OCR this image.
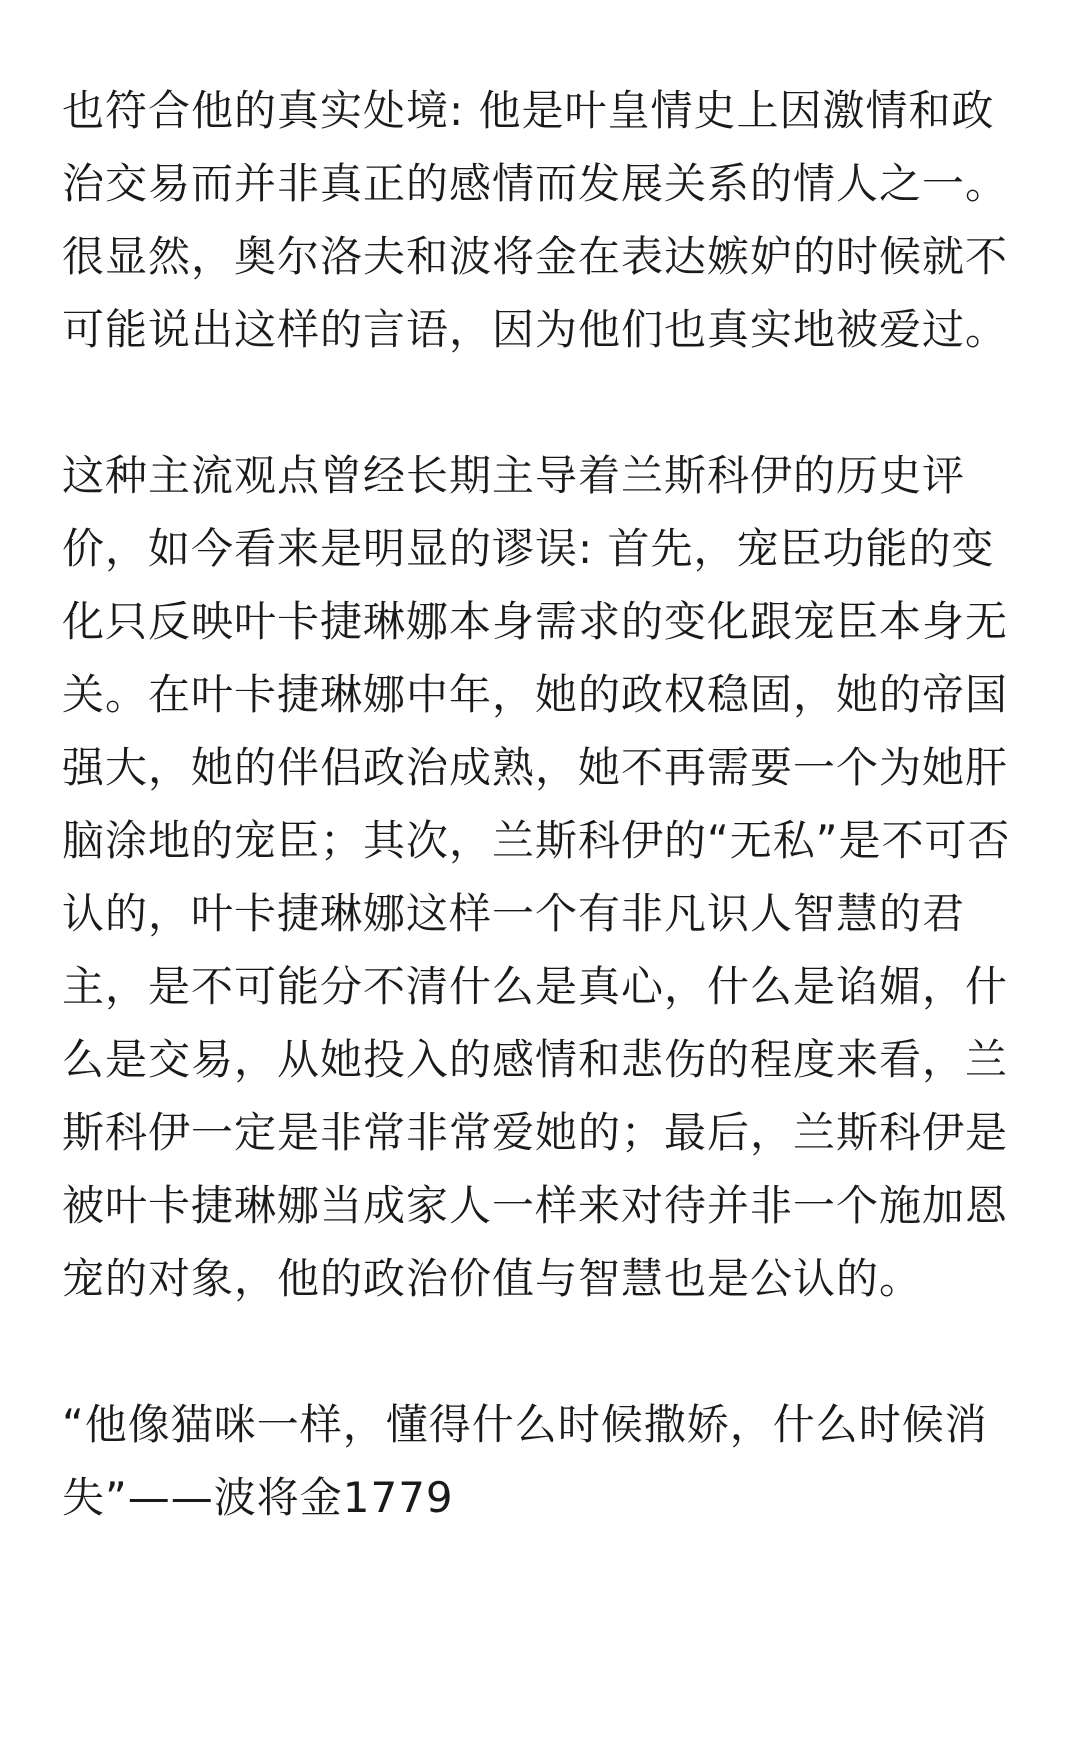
也符合他的真实处境: 他是叶皇情史上因激情和政
治交易而并非真正的感情而发展关系的情人之一。
很显然，奥尔洛夫和波将金在表达嫉妒的时候就不
可能说出这样的言语，因为他们也真实地被爱过。
这种主流观点曾经长期主导着兰斯科伊的历史评
价，如今看来是明显的谬误: 首先，宠臣功能的变
化只反映叶卡捷琳娜本身需求的变化跟宠臣本身无
关。在叶卡捷琳娜中年，她的政权稳固，她的帝国
强大，她的伴侣政治成熟，她不再需要一个为她肝
脑涂地的宠臣；其次，兰斯科伊的“无私”是不可否
认的，叶卡捷琳娜这样一个有非凡识人智慧的君
主，是不可能分不清什么是真心，什么是谄媚，什
么是交易，从她投入的感情和悲伤的程度来看，兰
斯科伊一定是非常非常爱她的；最后，兰斯科伊是
被叶卡捷琳娜当成家人一样来对待并非一个施加恩
宠的对象，他的政治价值与智慧也是公认的。
“他像猫咪一样，懂得什么时候撒娇，什么时候消
失”——波将金1779
